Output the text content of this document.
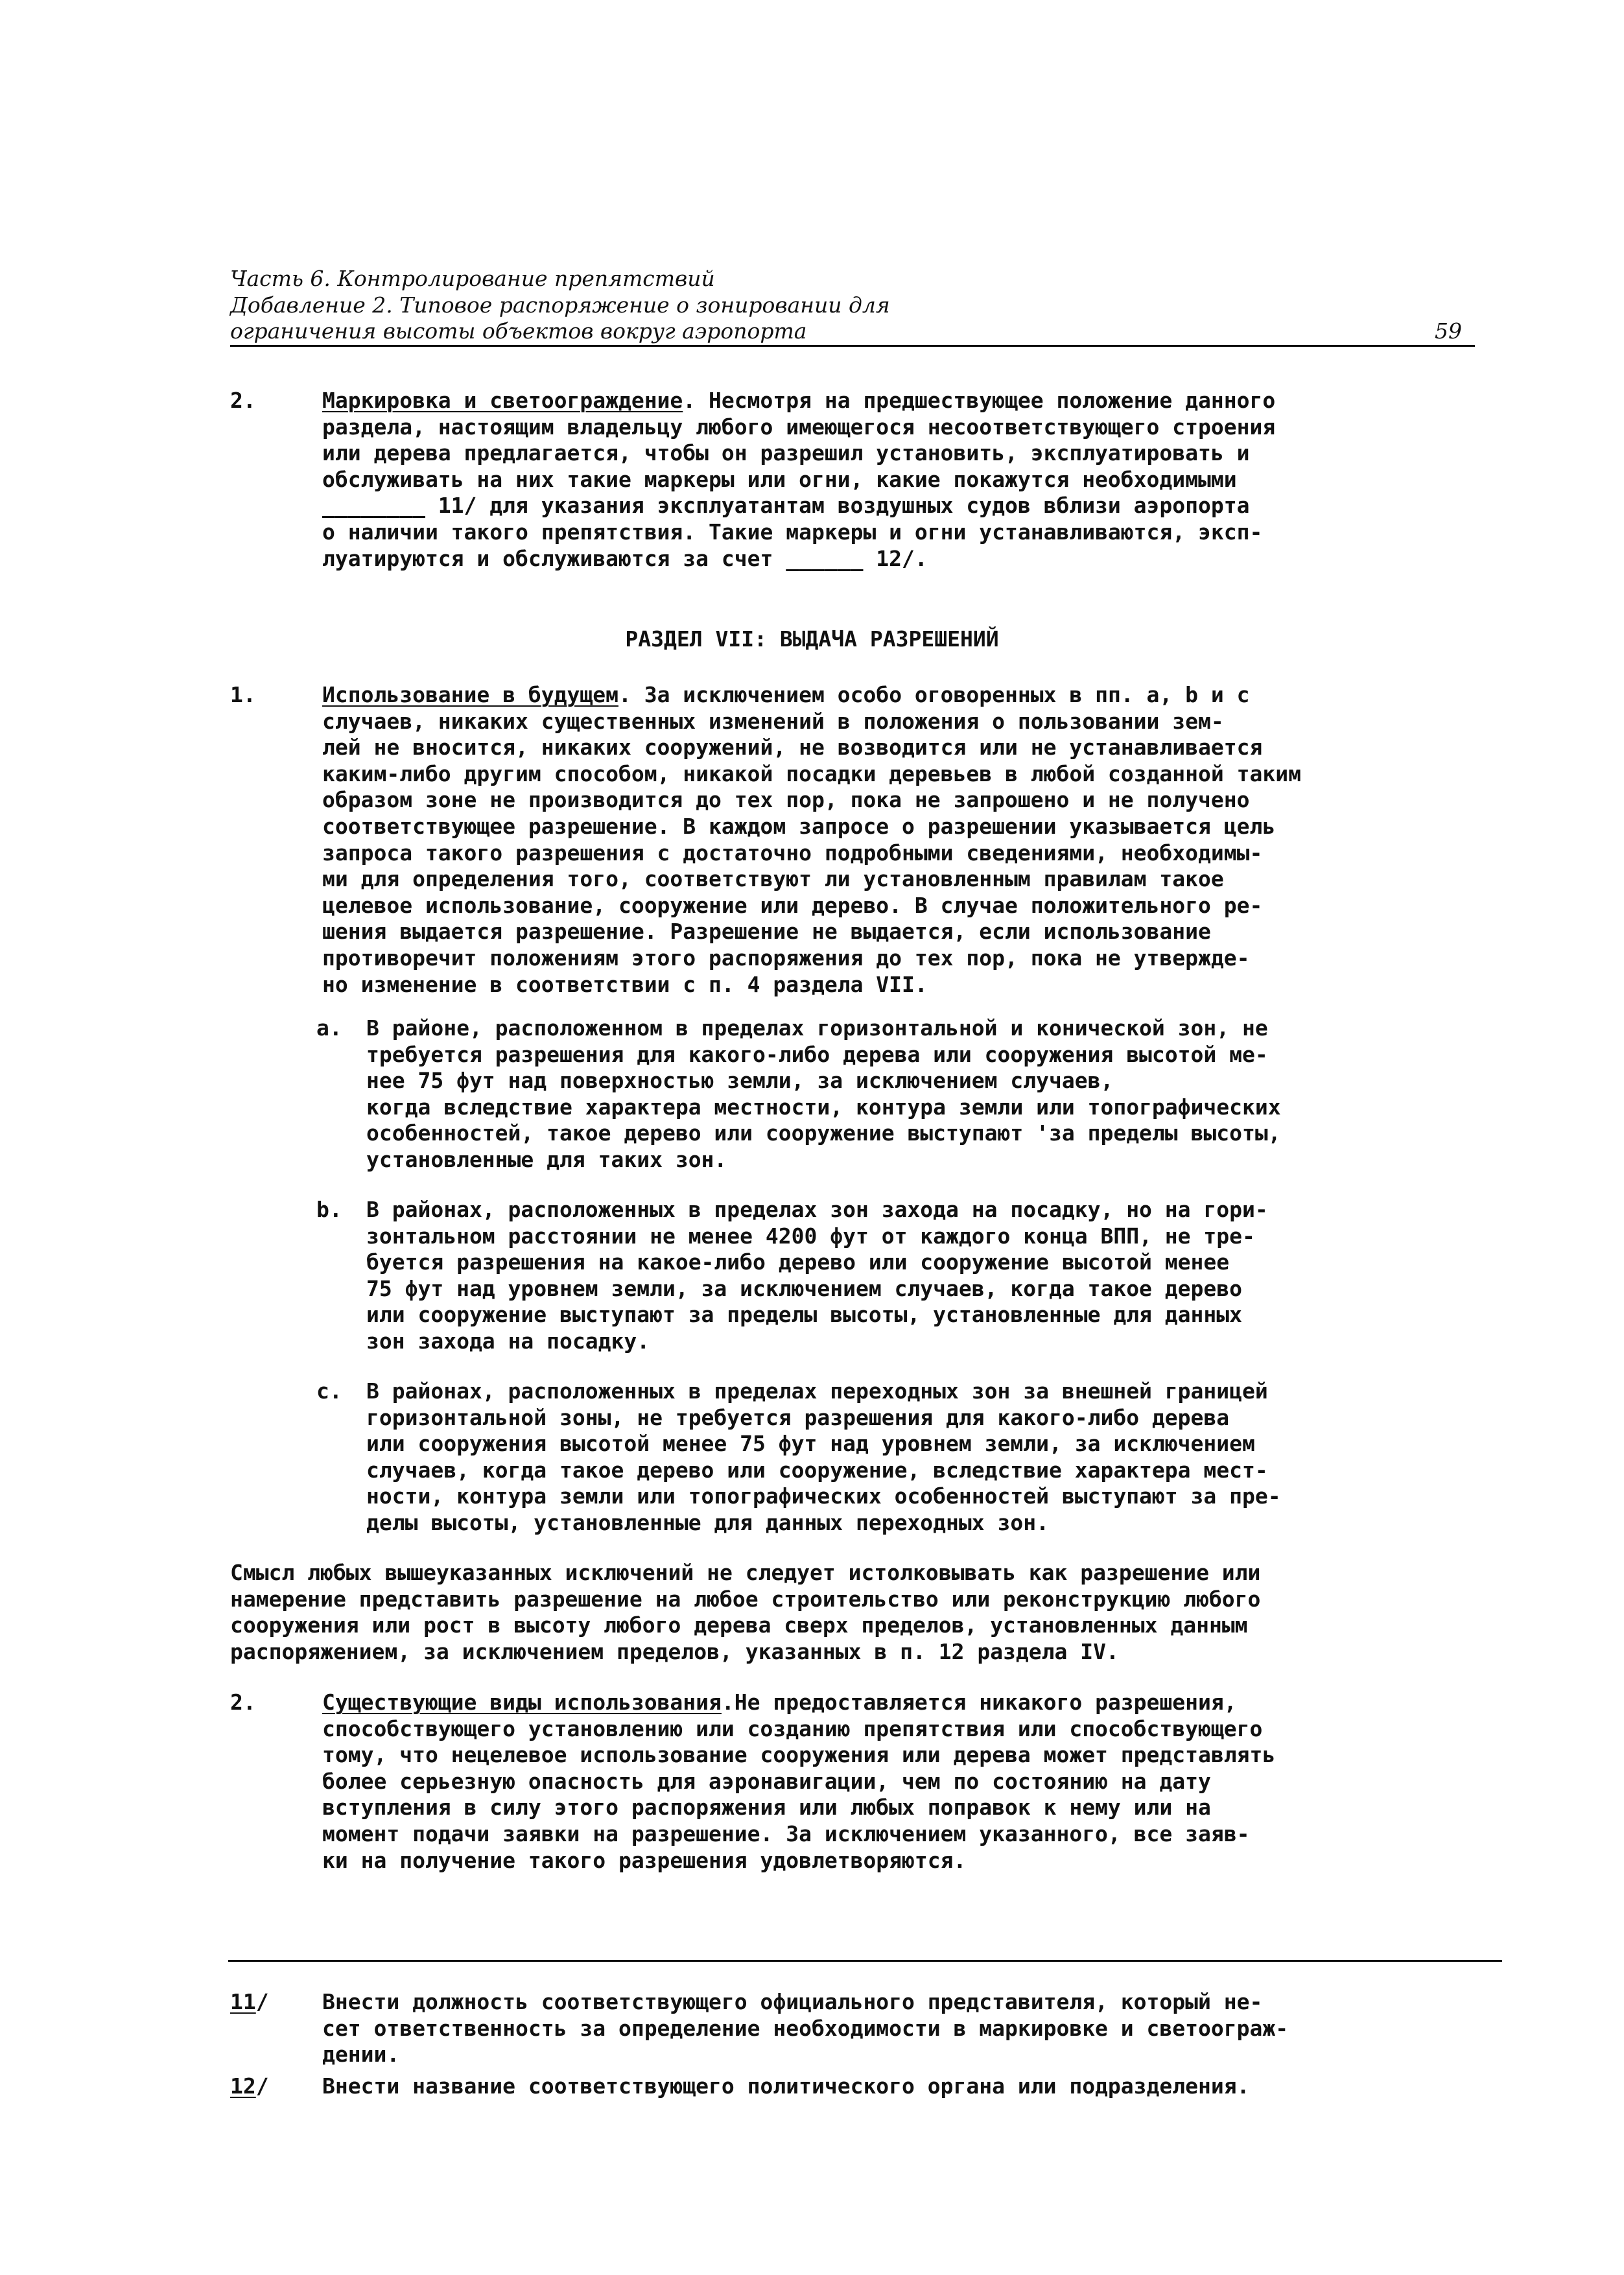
Часть 6. Контролирование препятствий
Добавление 2. Типовое распоряжение о зонировании для
ограничения высоты объектов вокруг аэропорта	59
2.	Маркировка и светоограждение. Несмотря на предшествующее положение данного
раздела, настоящим владельцу любого имеющегося несоответствующего строения
или дерева предлагается, чтобы он разрешил установить, эксплуатировать и
обслуживать на них такие маркеры или огни, какие покажутся необходимыми
________ 11/ для указания эксплуатантам воздушных судов вблизи аэропорта
о наличии такого препятствия. Такие маркеры и огни устанавливаются, эксп-
луатируются и обслуживаются за счет ______ 12/.
РАЗДЕЛ VII: ВЫДАЧА РАЗРЕШЕНИЙ
1.	Использование в будущем. За исключением особо оговоренных в пп. a, b и c
случаев, никаких существенных изменений в положения о пользовании зем-
лей не вносится, никаких сооружений, не возводится или не устанавливается
каким-либо другим способом, никакой посадки деревьев в любой созданной таким
образом зоне не производится до тех пор, пока не запрошено и не получено
соответствующее разрешение. В каждом запросе о разрешении указывается цель
запроса такого разрешения с достаточно подробными сведениями, необходимы-
ми для определения того, соответствуют ли установленным правилам такое
целевое использование, сооружение или дерево. В случае положительного ре-
шения выдается разрешение. Разрешение не выдается, если использование
противоречит положениям этого распоряжения до тех пор, пока не утвержде-
но изменение в соответствии с п. 4 раздела VII.
a. В районе, расположенном в пределах горизонтальной и конической зон, не
требуется разрешения для какого-либо дерева или сооружения высотой ме-
нее 75 фут над поверхностью земли, за исключением случаев,
когда вследствие характера местности, контура земли или топографических
особенностей, такое дерево или сооружение выступают 'за пределы высоты,
установленные для таких зон.
b. В районах, расположенных в пределах зон захода на посадку, но на гори-
зонтальном расстоянии не менее 4200 фут от каждого конца ВПП, не тре-
буется разрешения на какое-либо дерево или сооружение высотой менее
75 фут над уровнем земли, за исключением случаев, когда такое дерево
или сооружение выступают за пределы высоты, установленные для данных
зон захода на посадку.
c. В районах, расположенных в пределах переходных зон за внешней границей
горизонтальной зоны, не требуется разрешения для какого-либо дерева
или сооружения высотой менее 75 фут над уровнем земли, за исключением
случаев, когда такое дерево или сооружение, вследствие характера мест-
ности, контура земли или топографических особенностей выступают за пре-
делы высоты, установленные для данных переходных зон.
Смысл любых вышеуказанных исключений не следует истолковывать как разрешение или
намерение представить разрешение на любое строительство или реконструкцию любого
сооружения или рост в высоту любого дерева сверх пределов, установленных данным
распоряжением, за исключением пределов, указанных в п. 12 раздела IV.
2.	Существующие виды использования.Не предоставляется никакого разрешения,
способствующего установлению или созданию препятствия или способствующего
тому, что нецелевое использование сооружения или дерева может представлять
более серьезную опасность для аэронавигации, чем по состоянию на дату
вступления в силу этого распоряжения или любых поправок к нему или на
момент подачи заявки на разрешение. За исключением указанного, все заяв-
ки на получение такого разрешения удовлетворяются.
11/ Внести должность соответствующего официального представителя, который не-
сет ответственность за определение необходимости в маркировке и светоограж-
дении.
12/ Внести название соответствующего политического органа или подразделения.
